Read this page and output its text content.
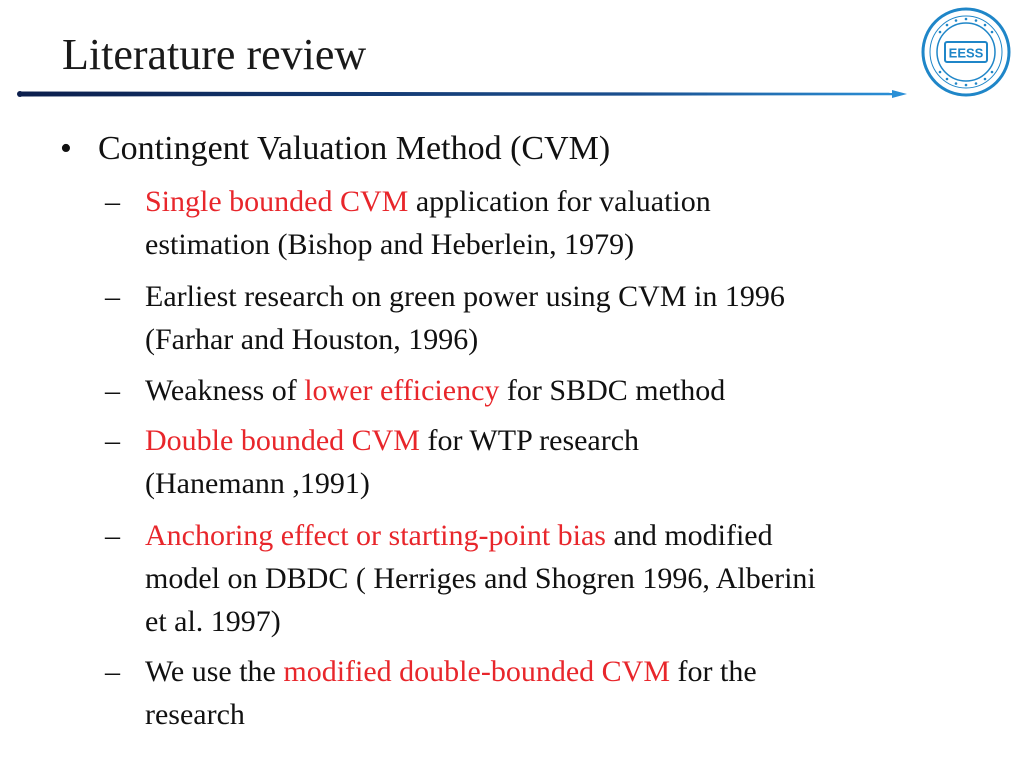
Literature review	EESS
• Contingent Valuation Method (CVM)
– Single bounded CVM application for valuation
estimation (Bishop and Heberlein, 1979)
– Earliest research on green power using CVM in 1996
(Farhar and Houston, 1996)
– Weakness of lower efficiency for SBDC method
– Double bounded CVM for WTP research
(Hanemann ,1991)
– Anchoring effect or starting-point bias and modified
model on DBDC ( Herriges and Shogren 1996, Alberini
et al. 1997)
– We use the modified double-bounded CVM for the
research
